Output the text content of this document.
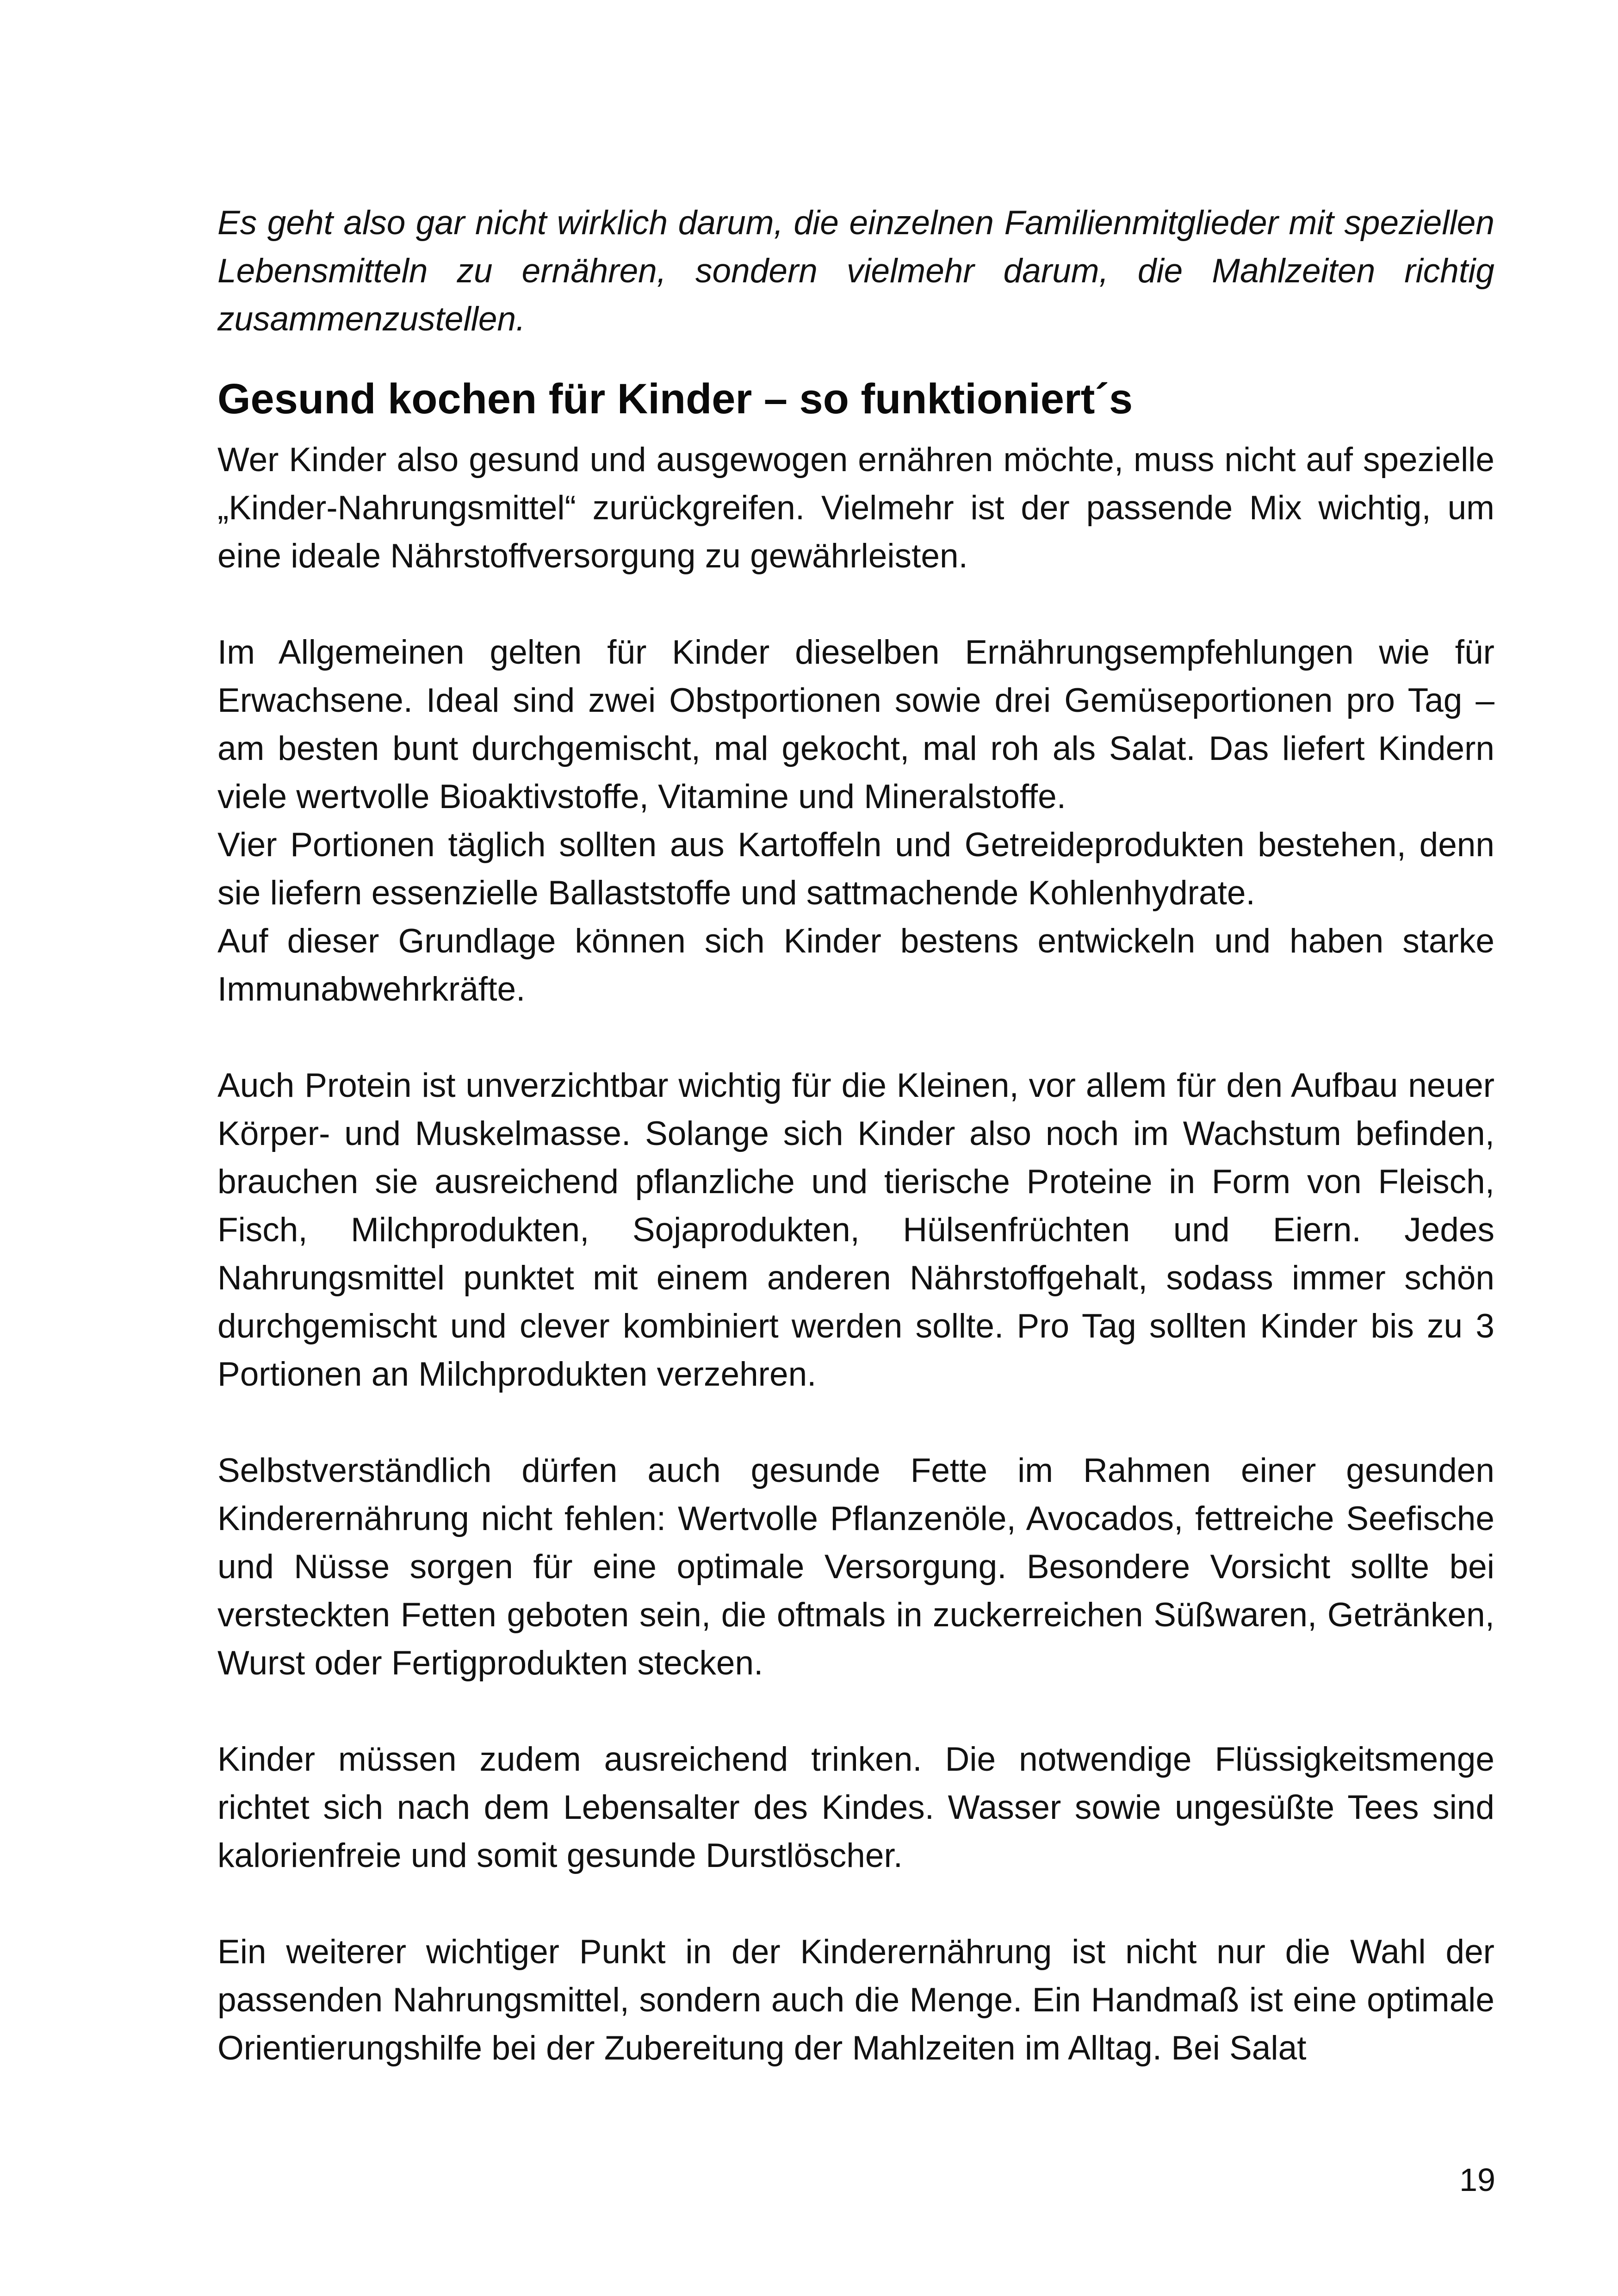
Es geht also gar nicht wirklich darum, die einzelnen Familienmitglieder mit speziellen Lebensmitteln zu ernähren, sondern vielmehr darum, die Mahlzeiten richtig zusammenzustellen.

Gesund kochen für Kinder – so funktioniert´s

Wer Kinder also gesund und ausgewogen ernähren möchte, muss nicht auf spezielle „Kinder-Nahrungsmittel“ zurückgreifen. Vielmehr ist der passende Mix wichtig, um eine ideale Nährstoffversorgung zu gewährleisten.

Im Allgemeinen gelten für Kinder dieselben Ernährungsempfehlungen wie für Erwachsene. Ideal sind zwei Obstportionen sowie drei Gemüseportionen pro Tag – am besten bunt durchgemischt, mal gekocht, mal roh als Salat. Das liefert Kindern viele wertvolle Bioaktivstoffe, Vitamine und Mineralstoffe.

Vier Portionen täglich sollten aus Kartoffeln und Getreideprodukten bestehen, denn sie liefern essenzielle Ballaststoffe und sattmachende Kohlenhydrate.

Auf dieser Grundlage können sich Kinder bestens entwickeln und haben starke Immunabwehrkräfte.

Auch Protein ist unverzichtbar wichtig für die Kleinen, vor allem für den Aufbau neuer Körper- und Muskelmasse. Solange sich Kinder also noch im Wachstum befinden, brauchen sie ausreichend pflanzliche und tierische Proteine in Form von Fleisch, Fisch, Milchprodukten, Sojaprodukten, Hülsenfrüchten und Eiern. Jedes Nahrungsmittel punktet mit einem anderen Nährstoffgehalt, sodass immer schön durchgemischt und clever kombiniert werden sollte. Pro Tag sollten Kinder bis zu 3 Portionen an Milchprodukten verzehren.

Selbstverständlich dürfen auch gesunde Fette im Rahmen einer gesunden Kinderernährung nicht fehlen: Wertvolle Pflanzenöle, Avocados, fettreiche Seefische und Nüsse sorgen für eine optimale Versorgung. Besondere Vorsicht sollte bei versteckten Fetten geboten sein, die oftmals in zuckerreichen Süßwaren, Getränken, Wurst oder Fertigprodukten stecken.

Kinder müssen zudem ausreichend trinken. Die notwendige Flüssigkeitsmenge richtet sich nach dem Lebensalter des Kindes. Wasser sowie ungesüßte Tees sind kalorienfreie und somit gesunde Durstlöscher.

Ein weiterer wichtiger Punkt in der Kinderernährung ist nicht nur die Wahl der passenden Nahrungsmittel, sondern auch die Menge. Ein Handmaß ist eine optimale Orientierungshilfe bei der Zubereitung der Mahlzeiten im Alltag. Bei Salat

19
